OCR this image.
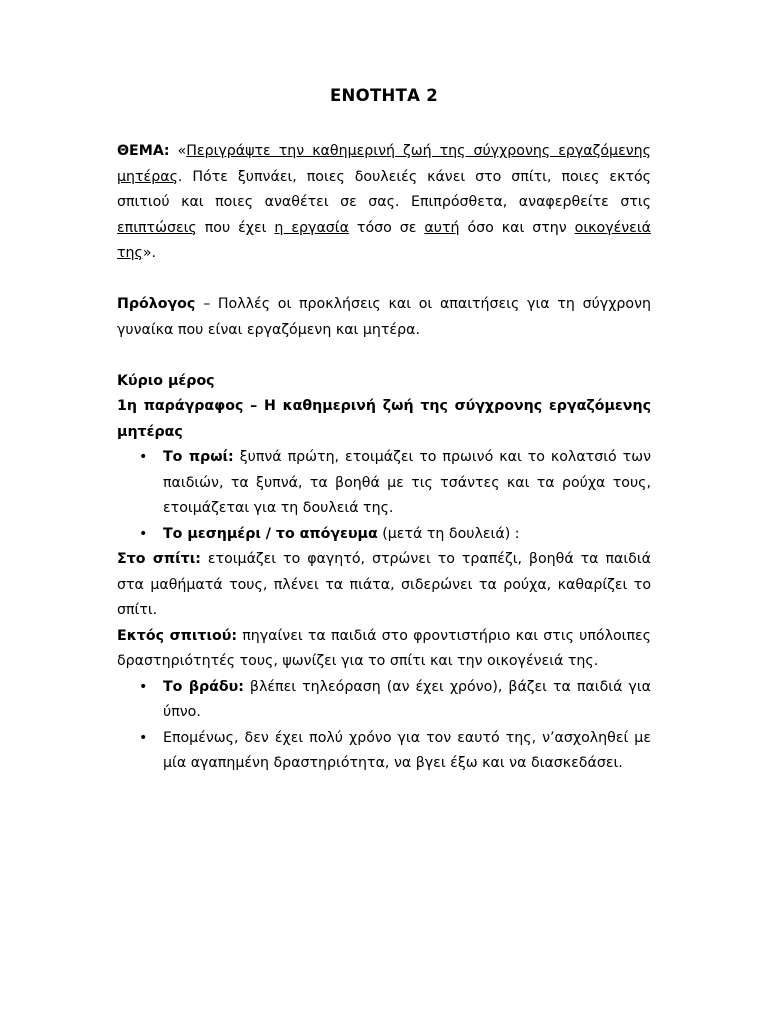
ΕΝΟΤΗΤΑ 2

ΘΕΜΑ: «Περιγράψτε την καθημερινή ζωή της σύγχρονης εργαζόμενης μητέρας. Πότε ξυπνάει, ποιες δουλειές κάνει στο σπίτι, ποιες εκτός σπιτιού και ποιες αναθέτει σε σας. Επιπρόσθετα, αναφερθείτε στις επιπτώσεις που έχει η εργασία τόσο σε αυτή όσο και στην οικογένειά της».

Πρόλογος – Πολλές οι προκλήσεις και οι απαιτήσεις για τη σύγχρονη γυναίκα που είναι εργαζόμενη και μητέρα.

Κύριο μέρος

1η παράγραφος – Η καθημερινή ζωή της σύγχρονης εργαζόμενης μητέρας

• Το πρωί: ξυπνά πρώτη, ετοιμάζει το πρωινό και το κολατσιό των παιδιών, τα ξυπνά, τα βοηθά με τις τσάντες και τα ρούχα τους, ετοιμάζεται για τη δουλειά της.
• Το μεσημέρι / το απόγευμα (μετά τη δουλειά) :

Στο σπίτι: ετοιμάζει το φαγητό, στρώνει το τραπέζι, βοηθά τα παιδιά στα μαθήματά τους, πλένει τα πιάτα, σιδερώνει τα ρούχα, καθαρίζει το σπίτι.

Εκτός σπιτιού: πηγαίνει τα παιδιά στο φροντιστήριο και στις υπόλοιπες δραστηριότητές τους, ψωνίζει για το σπίτι και την οικογένειά της.

• Το βράδυ: βλέπει τηλεόραση (αν έχει χρόνο), βάζει τα παιδιά για ύπνο.
• Επομένως, δεν έχει πολύ χρόνο για τον εαυτό της, ν’ασχοληθεί με μία αγαπημένη δραστηριότητα, να βγει έξω και να διασκεδάσει.
